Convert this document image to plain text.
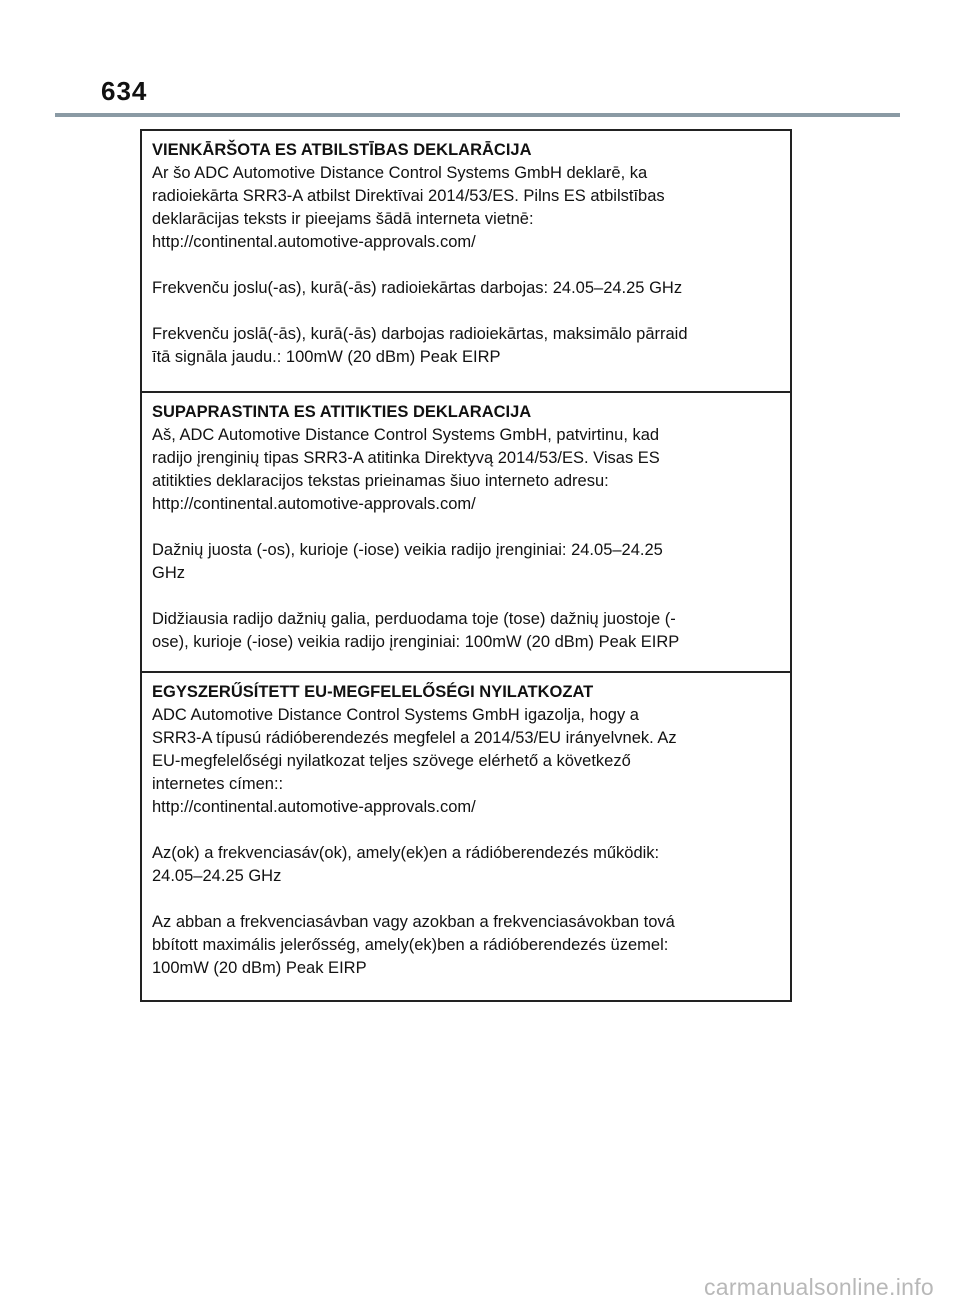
634
VIENKĀRŠOTA ES ATBILSTĪBAS DEKLARĀCIJA

Ar šo ADC Automotive Distance Control Systems GmbH deklarē, ka
radioiekārta SRR3-A atbilst Direktīvai 2014/53/ES. Pilns ES atbilstības
deklarācijas teksts ir pieejams šādā interneta vietnē:
http://continental.automotive-approvals.com/

Frekvenču joslu(-as), kurā(-ās) radioiekārtas darbojas: 24.05–24.25 GHz

Frekvenču joslā(-ās), kurā(-ās) darbojas radioiekārtas, maksimālo pārraid
ītā signāla jaudu.: 100mW (20 dBm) Peak EIRP

SUPAPRASTINTA ES ATITIKTIES DEKLARACIJA

Aš, ADC Automotive Distance Control Systems GmbH, patvirtinu, kad
radijo įrenginių tipas SRR3-A atitinka Direktyvą 2014/53/ES. Visas ES
atitikties deklaracijos tekstas prieinamas šiuo interneto adresu:
http://continental.automotive-approvals.com/

Dažnių juosta (-os), kurioje (-iose) veikia radijo įrenginiai: 24.05–24.25
GHz

Didžiausia radijo dažnių galia, perduodama toje (tose) dažnių juostoje (-
ose), kurioje (-iose) veikia radijo įrenginiai: 100mW (20 dBm) Peak EIRP

EGYSZERŰSÍTETT EU-MEGFELELŐSÉGI NYILATKOZAT

ADC Automotive Distance Control Systems GmbH igazolja, hogy a
SRR3-A típusú rádióberendezés megfelel a 2014/53/EU irányelvnek. Az
EU-megfelelőségi nyilatkozat teljes szövege elérhető a következő
internetes címen::
http://continental.automotive-approvals.com/

Az(ok) a frekvenciasáv(ok), amely(ek)en a rádióberendezés működik:
24.05–24.25 GHz

Az abban a frekvenciasávban vagy azokban a frekvenciasávokban tová
bbított maximális jelerősség, amely(ek)ben a rádióberendezés üzemel:
100mW (20 dBm) Peak EIRP

carmanualsonline.info
